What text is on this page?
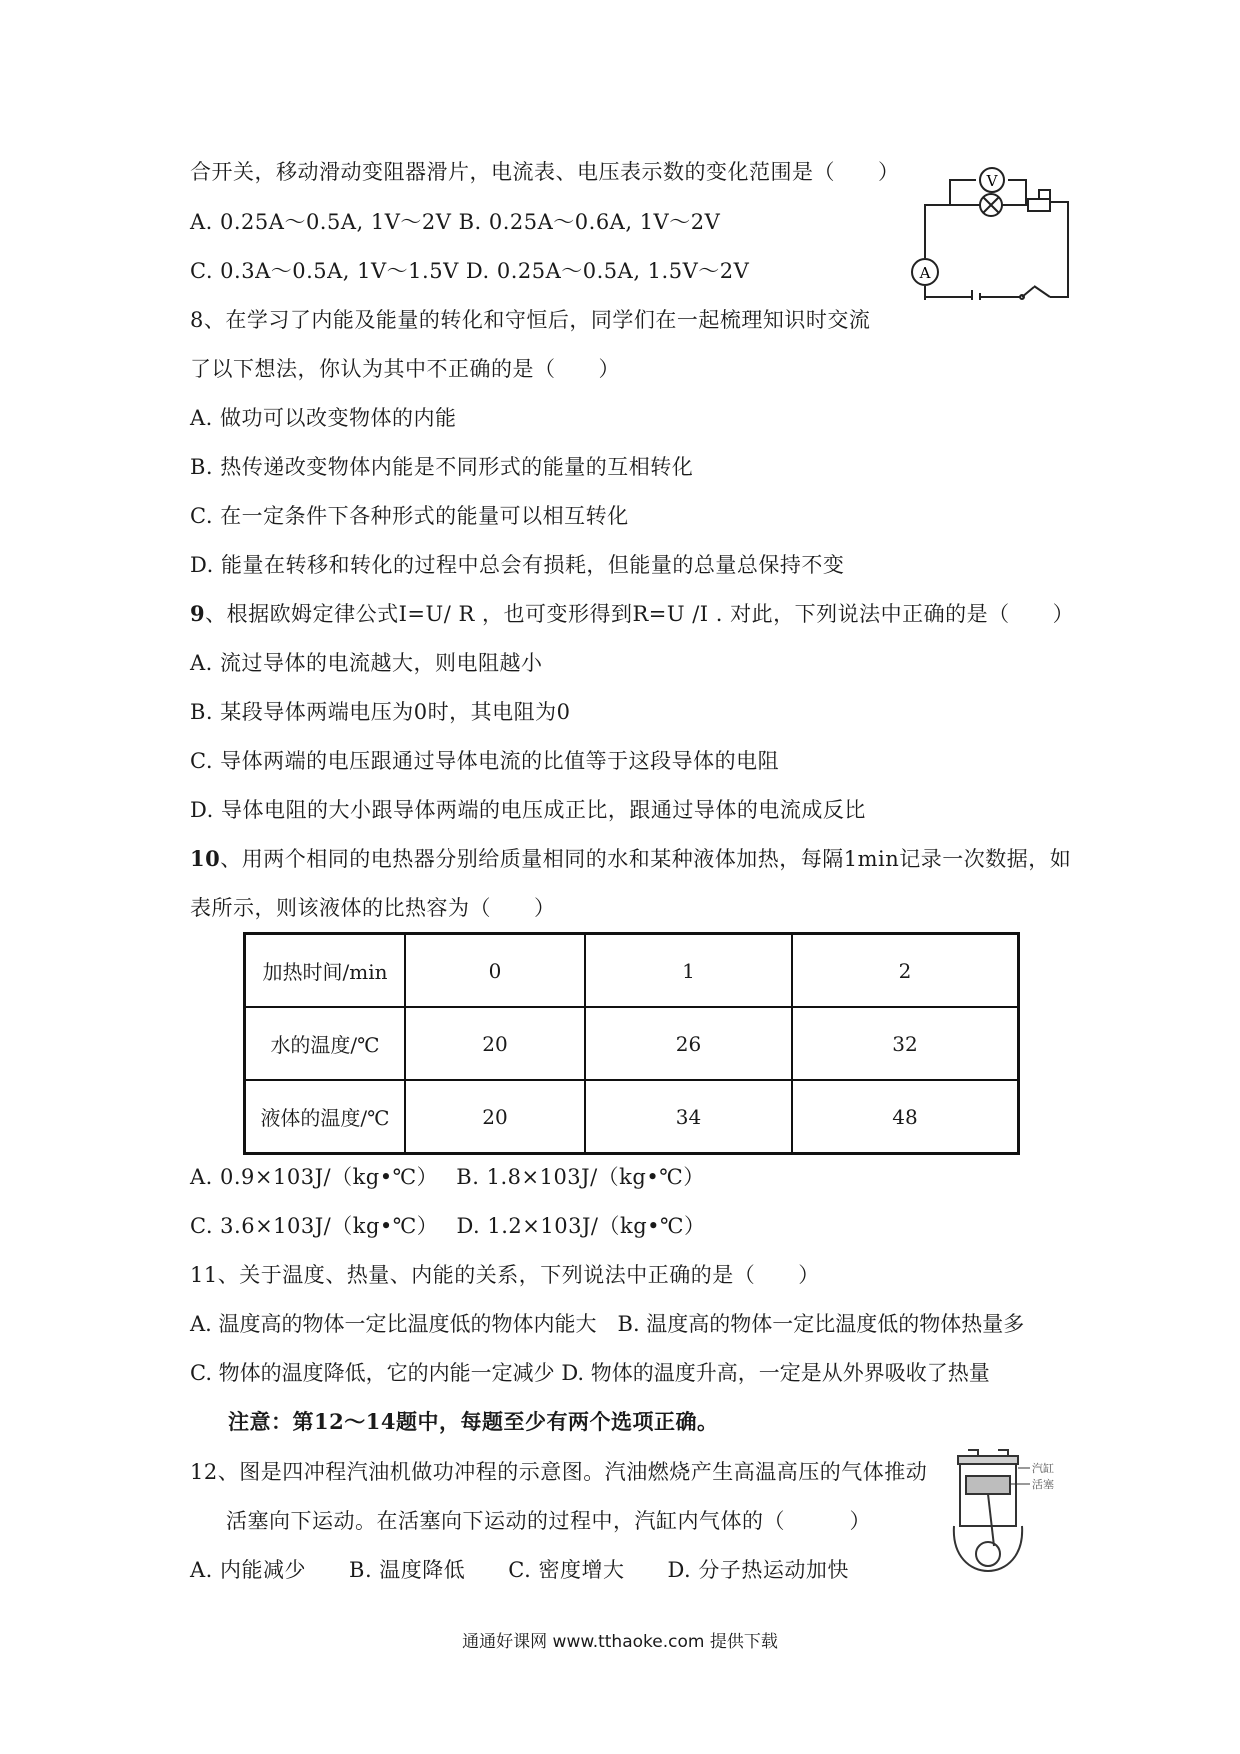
合开关，移动滑动变阻器滑片，电流表、电压表示数的变化范围是（　　）
A. 0.25A～0.5A, 1V～2V B. 0.25A～0.6A, 1V～2V
C. 0.3A～0.5A, 1V～1.5V D. 0.25A～0.5A, 1.5V～2V
V
A
8、在学习了内能及能量的转化和守恒后，同学们在一起梳理知识时交流
了以下想法，你认为其中不正确的是（　　）
A. 做功可以改变物体的内能
B. 热传递改变物体内能是不同形式的能量的互相转化
C. 在一定条件下各种形式的能量可以相互转化
D. 能量在转移和转化的过程中总会有损耗，但能量的总量总保持不变
9、根据欧姆定律公式I=U/ R ，也可变形得到R=U /I . 对此，下列说法中正确的是（　　）
A. 流过导体的电流越大，则电阻越小
B. 某段导体两端电压为0时，其电阻为0
C. 导体两端的电压跟通过导体电流的比值等于这段导体的电阻
D. 导体电阻的大小跟导体两端的电压成正比，跟通过导体的电流成反比
10、用两个相同的电热器分别给质量相同的水和某种液体加热，每隔1min记录一次数据，如
表所示，则该液体的比热容为（　　）
加热时间/min	0	1	2
水的温度/℃	20	26	32
液体的温度/℃	20	34	48
A. 0.9×103J/（kg•℃）　 B. 1.8×103J/（kg•℃）
C. 3.6×103J/（kg•℃）　 D. 1.2×103J/（kg•℃）
11、关于温度、热量、内能的关系，下列说法中正确的是（　　）
A. 温度高的物体一定比温度低的物体内能大　B. 温度高的物体一定比温度低的物体热量多
C. 物体的温度降低，它的内能一定减少 D. 物体的温度升高，一定是从外界吸收了热量
注意：第12～14题中，每题至少有两个选项正确。
12、图是四冲程汽油机做功冲程的示意图。汽油燃烧产生高温高压的气体推动
活塞向下运动。在活塞向下运动的过程中，汽缸内气体的（　　　）
A. 内能减少　　B. 温度降低　　C. 密度增大　　D. 分子热运动加快
汽缸
活塞
通通好课网 www.tthaoke.com 提供下载
